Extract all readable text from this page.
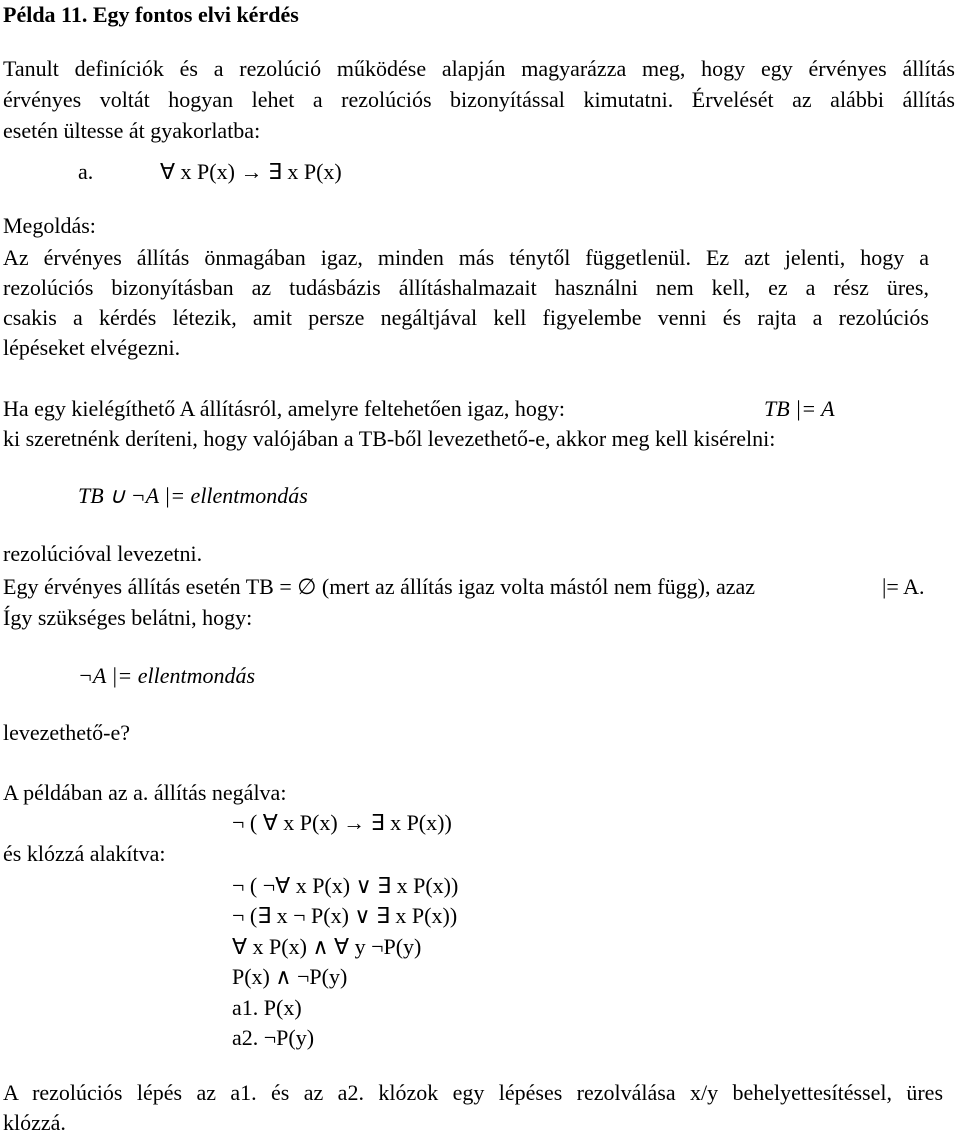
Példa 11. Egy fontos elvi kérdés
Tanult definíciók és a rezolúció működése alapján magyarázza meg, hogy egy érvényes állítás
érvényes voltát hogyan lehet a rezolúciós bizonyítással kimutatni. Érvelését az alábbi állítás
esetén ültesse át gyakorlatba:
a.	∀ x P(x) → ∃ x P(x)
Megoldás:
Az érvényes állítás önmagában igaz, minden más ténytől függetlenül. Ez azt jelenti, hogy a
rezolúciós bizonyításban az tudásbázis állításhalmazait használni nem kell, ez a rész üres,
csakis a kérdés létezik, amit persze negáltjával kell figyelembe venni és rajta a rezolúciós
lépéseket elvégezni.
Ha egy kielégíthető A állításról, amelyre feltehetően igaz, hogy:	TB |= A
ki szeretnénk deríteni, hogy valójában a TB-ből levezethető-e, akkor meg kell kisérelni:
TB ∪ ¬A |= ellentmondás
rezolúcióval levezetni.
Egy érvényes állítás esetén TB = ∅ (mert az állítás igaz volta mástól nem függ), azaz	|= A.
Így szükséges belátni, hogy:
¬A |= ellentmondás
levezethető-e?
A példában az a. állítás negálva:
¬ ( ∀ x P(x) → ∃ x P(x))
és klózzá alakítva:
¬ ( ¬∀ x P(x) ∨ ∃ x P(x))
¬ (∃ x ¬ P(x) ∨ ∃ x P(x))
∀ x P(x) ∧ ∀ y ¬P(y)
P(x) ∧ ¬P(y)
a1. P(x)
a2. ¬P(y)
A rezolúciós lépés az a1. és az a2. klózok egy lépéses rezolválása x/y behelyettesítéssel, üres
klózzá.
